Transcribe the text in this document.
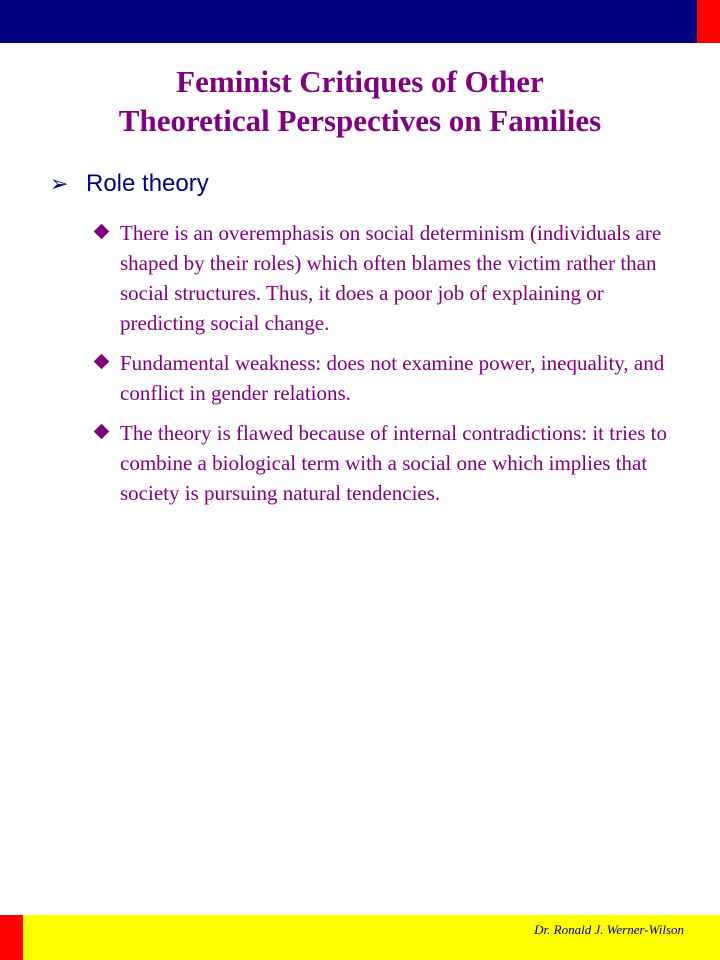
Feminist Critiques of Other
Theoretical Perspectives on Families
➢ Role theory
There is an overemphasis on social determinism (individuals are shaped by their roles) which often blames the victim rather than social structures. Thus, it does a poor job of explaining or predicting social change.
Fundamental weakness: does not examine power, inequality, and conflict in gender relations.
The theory is flawed because of internal contradictions: it tries to combine a biological term with a social one which implies that society is pursuing natural tendencies.
Dr. Ronald J. Werner-Wilson
